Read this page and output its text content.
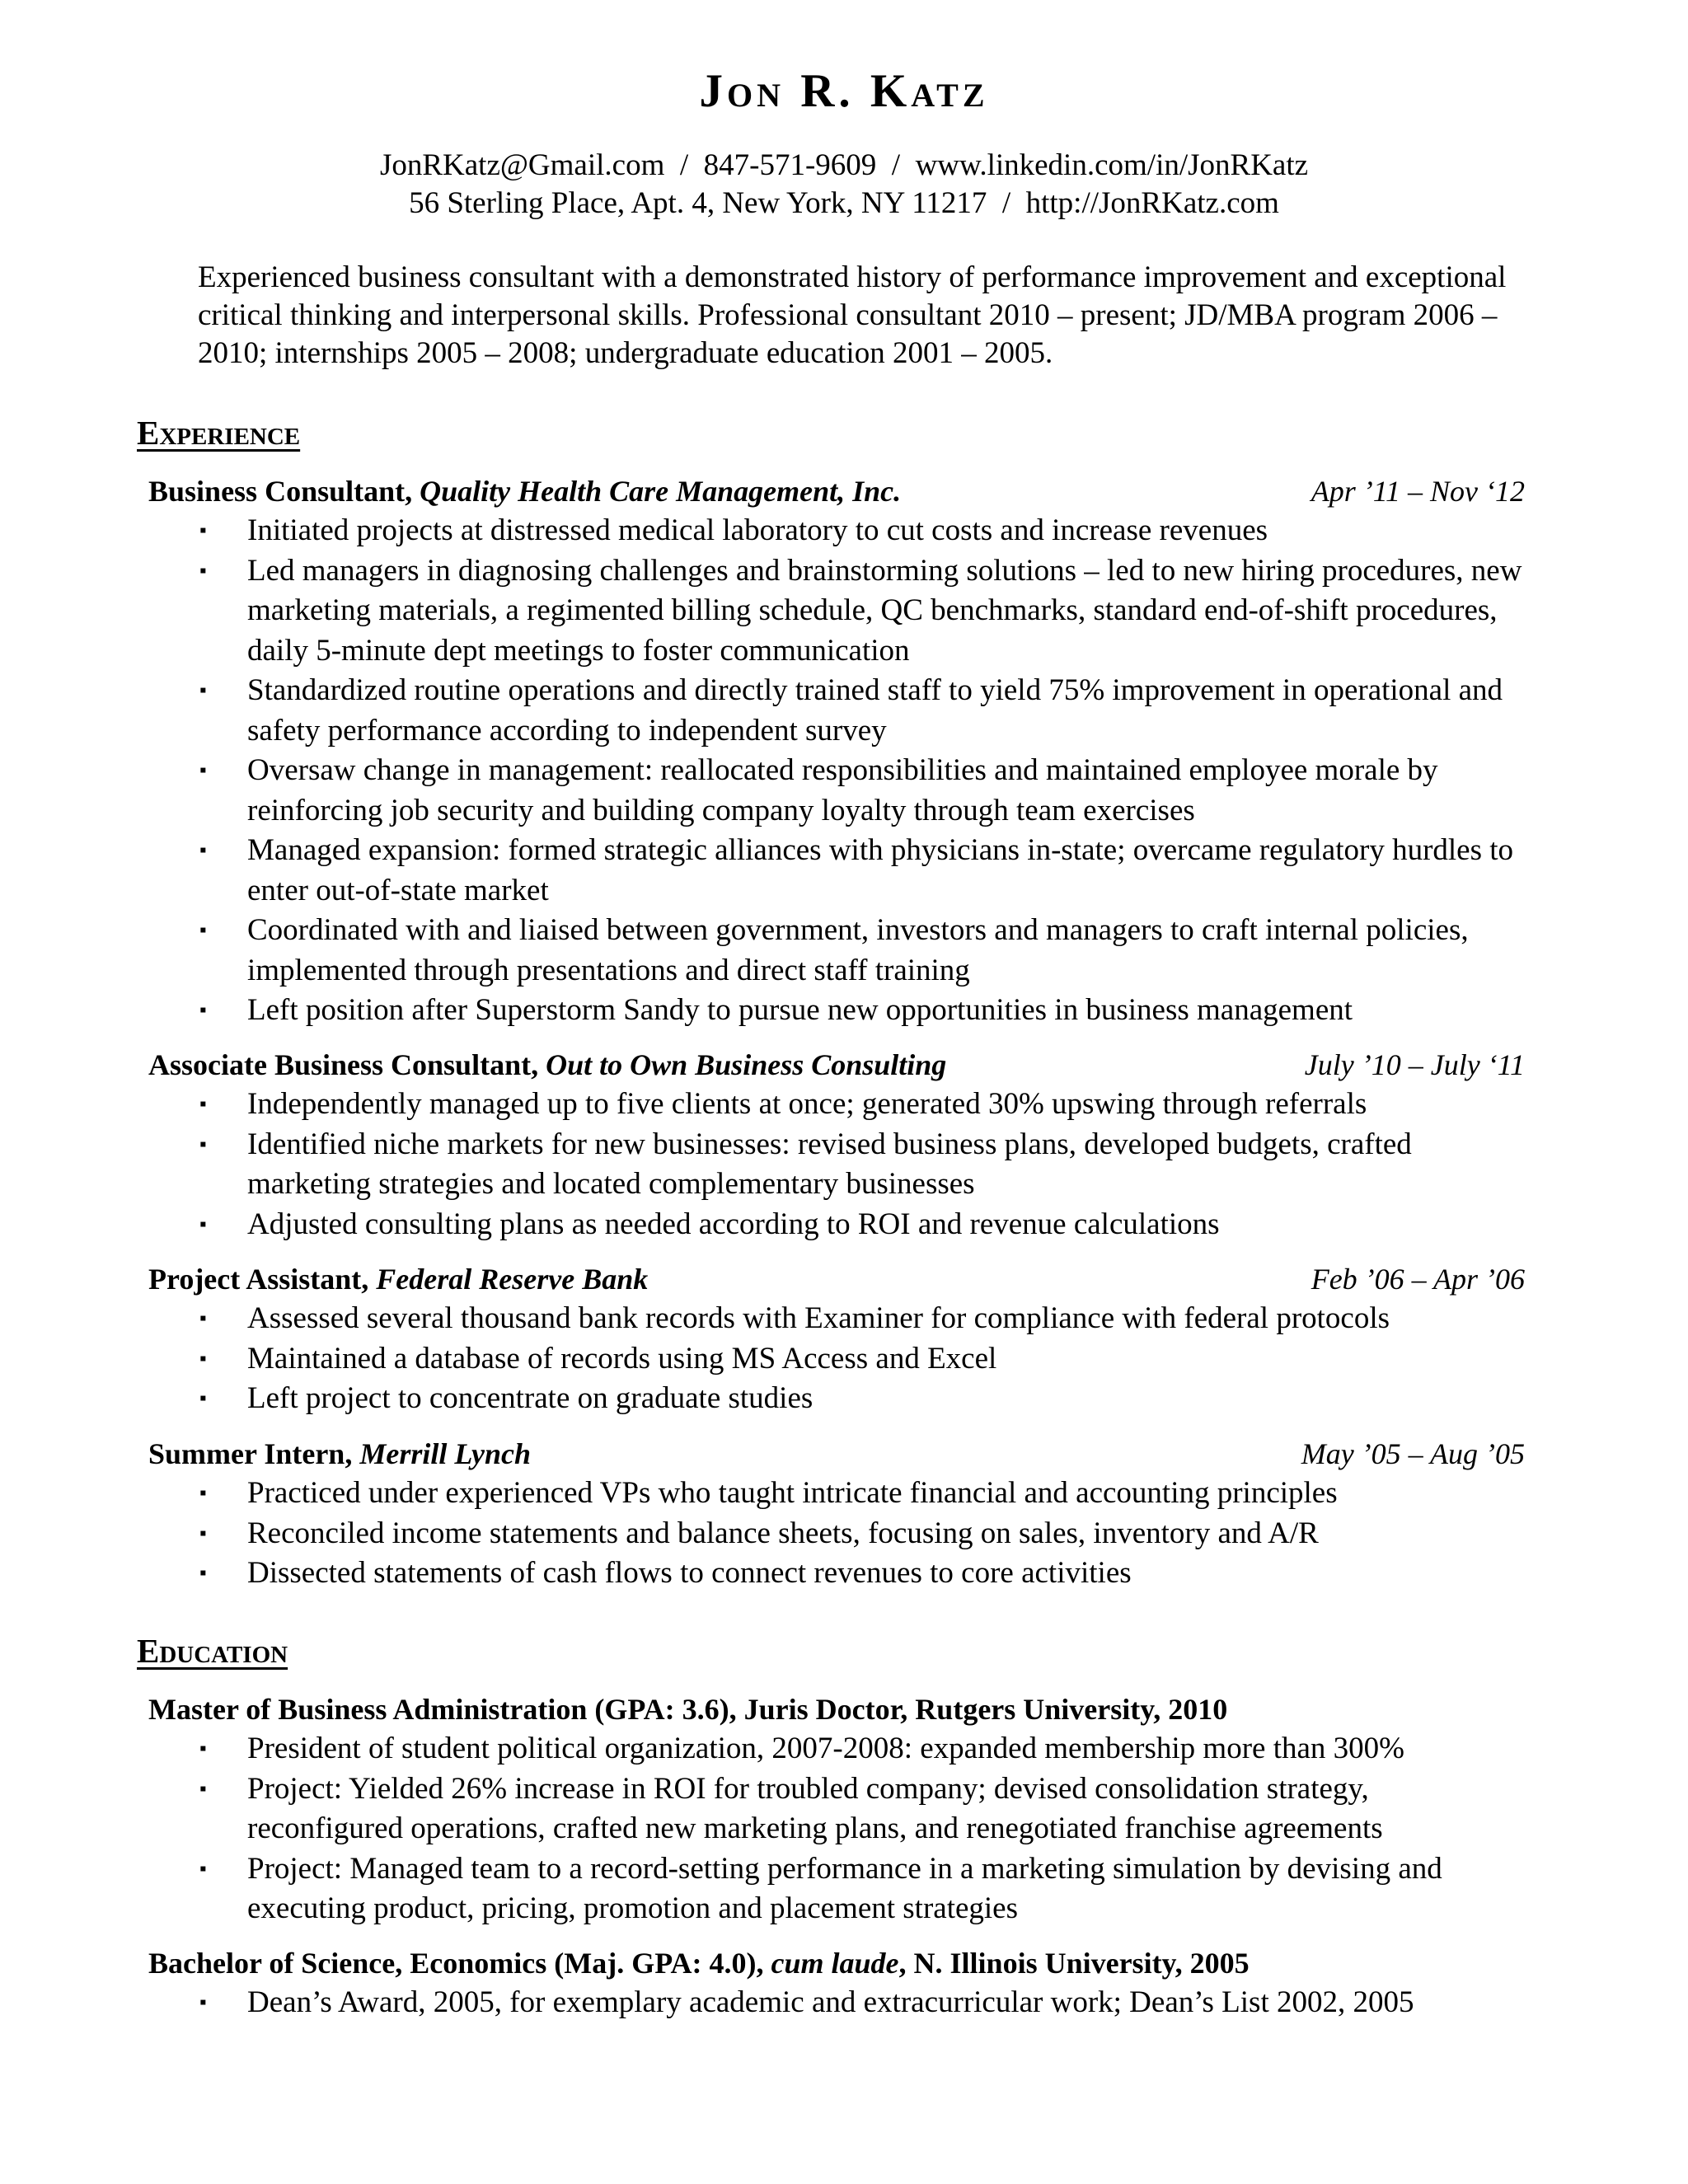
Jon R. Katz
JonRKatz@Gmail.com  /  847-571-9609  /  www.linkedin.com/in/JonRKatz
56 Sterling Place, Apt. 4, New York, NY 11217  /  http://JonRKatz.com
Experienced business consultant with a demonstrated history of performance improvement and exceptional critical thinking and interpersonal skills. Professional consultant 2010 – present; JD/MBA program 2006 – 2010; internships 2005 – 2008; undergraduate education 2001 – 2005.
Experience
Business Consultant, Quality Health Care Management, Inc.	Apr ’11 – Nov ‘12
▪ Initiated projects at distressed medical laboratory to cut costs and increase revenues
▪ Led managers in diagnosing challenges and brainstorming solutions – led to new hiring procedures, new marketing materials, a regimented billing schedule, QC benchmarks, standard end-of-shift procedures, daily 5-minute dept meetings to foster communication
▪ Standardized routine operations and directly trained staff to yield 75% improvement in operational and safety performance according to independent survey
▪ Oversaw change in management: reallocated responsibilities and maintained employee morale by reinforcing job security and building company loyalty through team exercises
▪ Managed expansion: formed strategic alliances with physicians in-state; overcame regulatory hurdles to enter out-of-state market
▪ Coordinated with and liaised between government, investors and managers to craft internal policies, implemented through presentations and direct staff training
▪ Left position after Superstorm Sandy to pursue new opportunities in business management
Associate Business Consultant, Out to Own Business Consulting	July ’10 – July ‘11
▪ Independently managed up to five clients at once; generated 30% upswing through referrals
▪ Identified niche markets for new businesses: revised business plans, developed budgets, crafted marketing strategies and located complementary businesses
▪ Adjusted consulting plans as needed according to ROI and revenue calculations
Project Assistant, Federal Reserve Bank	Feb ’06 – Apr ’06
▪ Assessed several thousand bank records with Examiner for compliance with federal protocols
▪ Maintained a database of records using MS Access and Excel
▪ Left project to concentrate on graduate studies
Summer Intern, Merrill Lynch	May ’05 – Aug ’05
▪ Practiced under experienced VPs who taught intricate financial and accounting principles
▪ Reconciled income statements and balance sheets, focusing on sales, inventory and A/R
▪ Dissected statements of cash flows to connect revenues to core activities
Education
Master of Business Administration (GPA: 3.6), Juris Doctor, Rutgers University, 2010
▪ President of student political organization, 2007-2008: expanded membership more than 300%
▪ Project: Yielded 26% increase in ROI for troubled company; devised consolidation strategy, reconfigured operations, crafted new marketing plans, and renegotiated franchise agreements
▪ Project: Managed team to a record-setting performance in a marketing simulation by devising and executing product, pricing, promotion and placement strategies
Bachelor of Science, Economics (Maj. GPA: 4.0), cum laude, N. Illinois University, 2005
▪ Dean’s Award, 2005, for exemplary academic and extracurricular work; Dean’s List 2002, 2005
